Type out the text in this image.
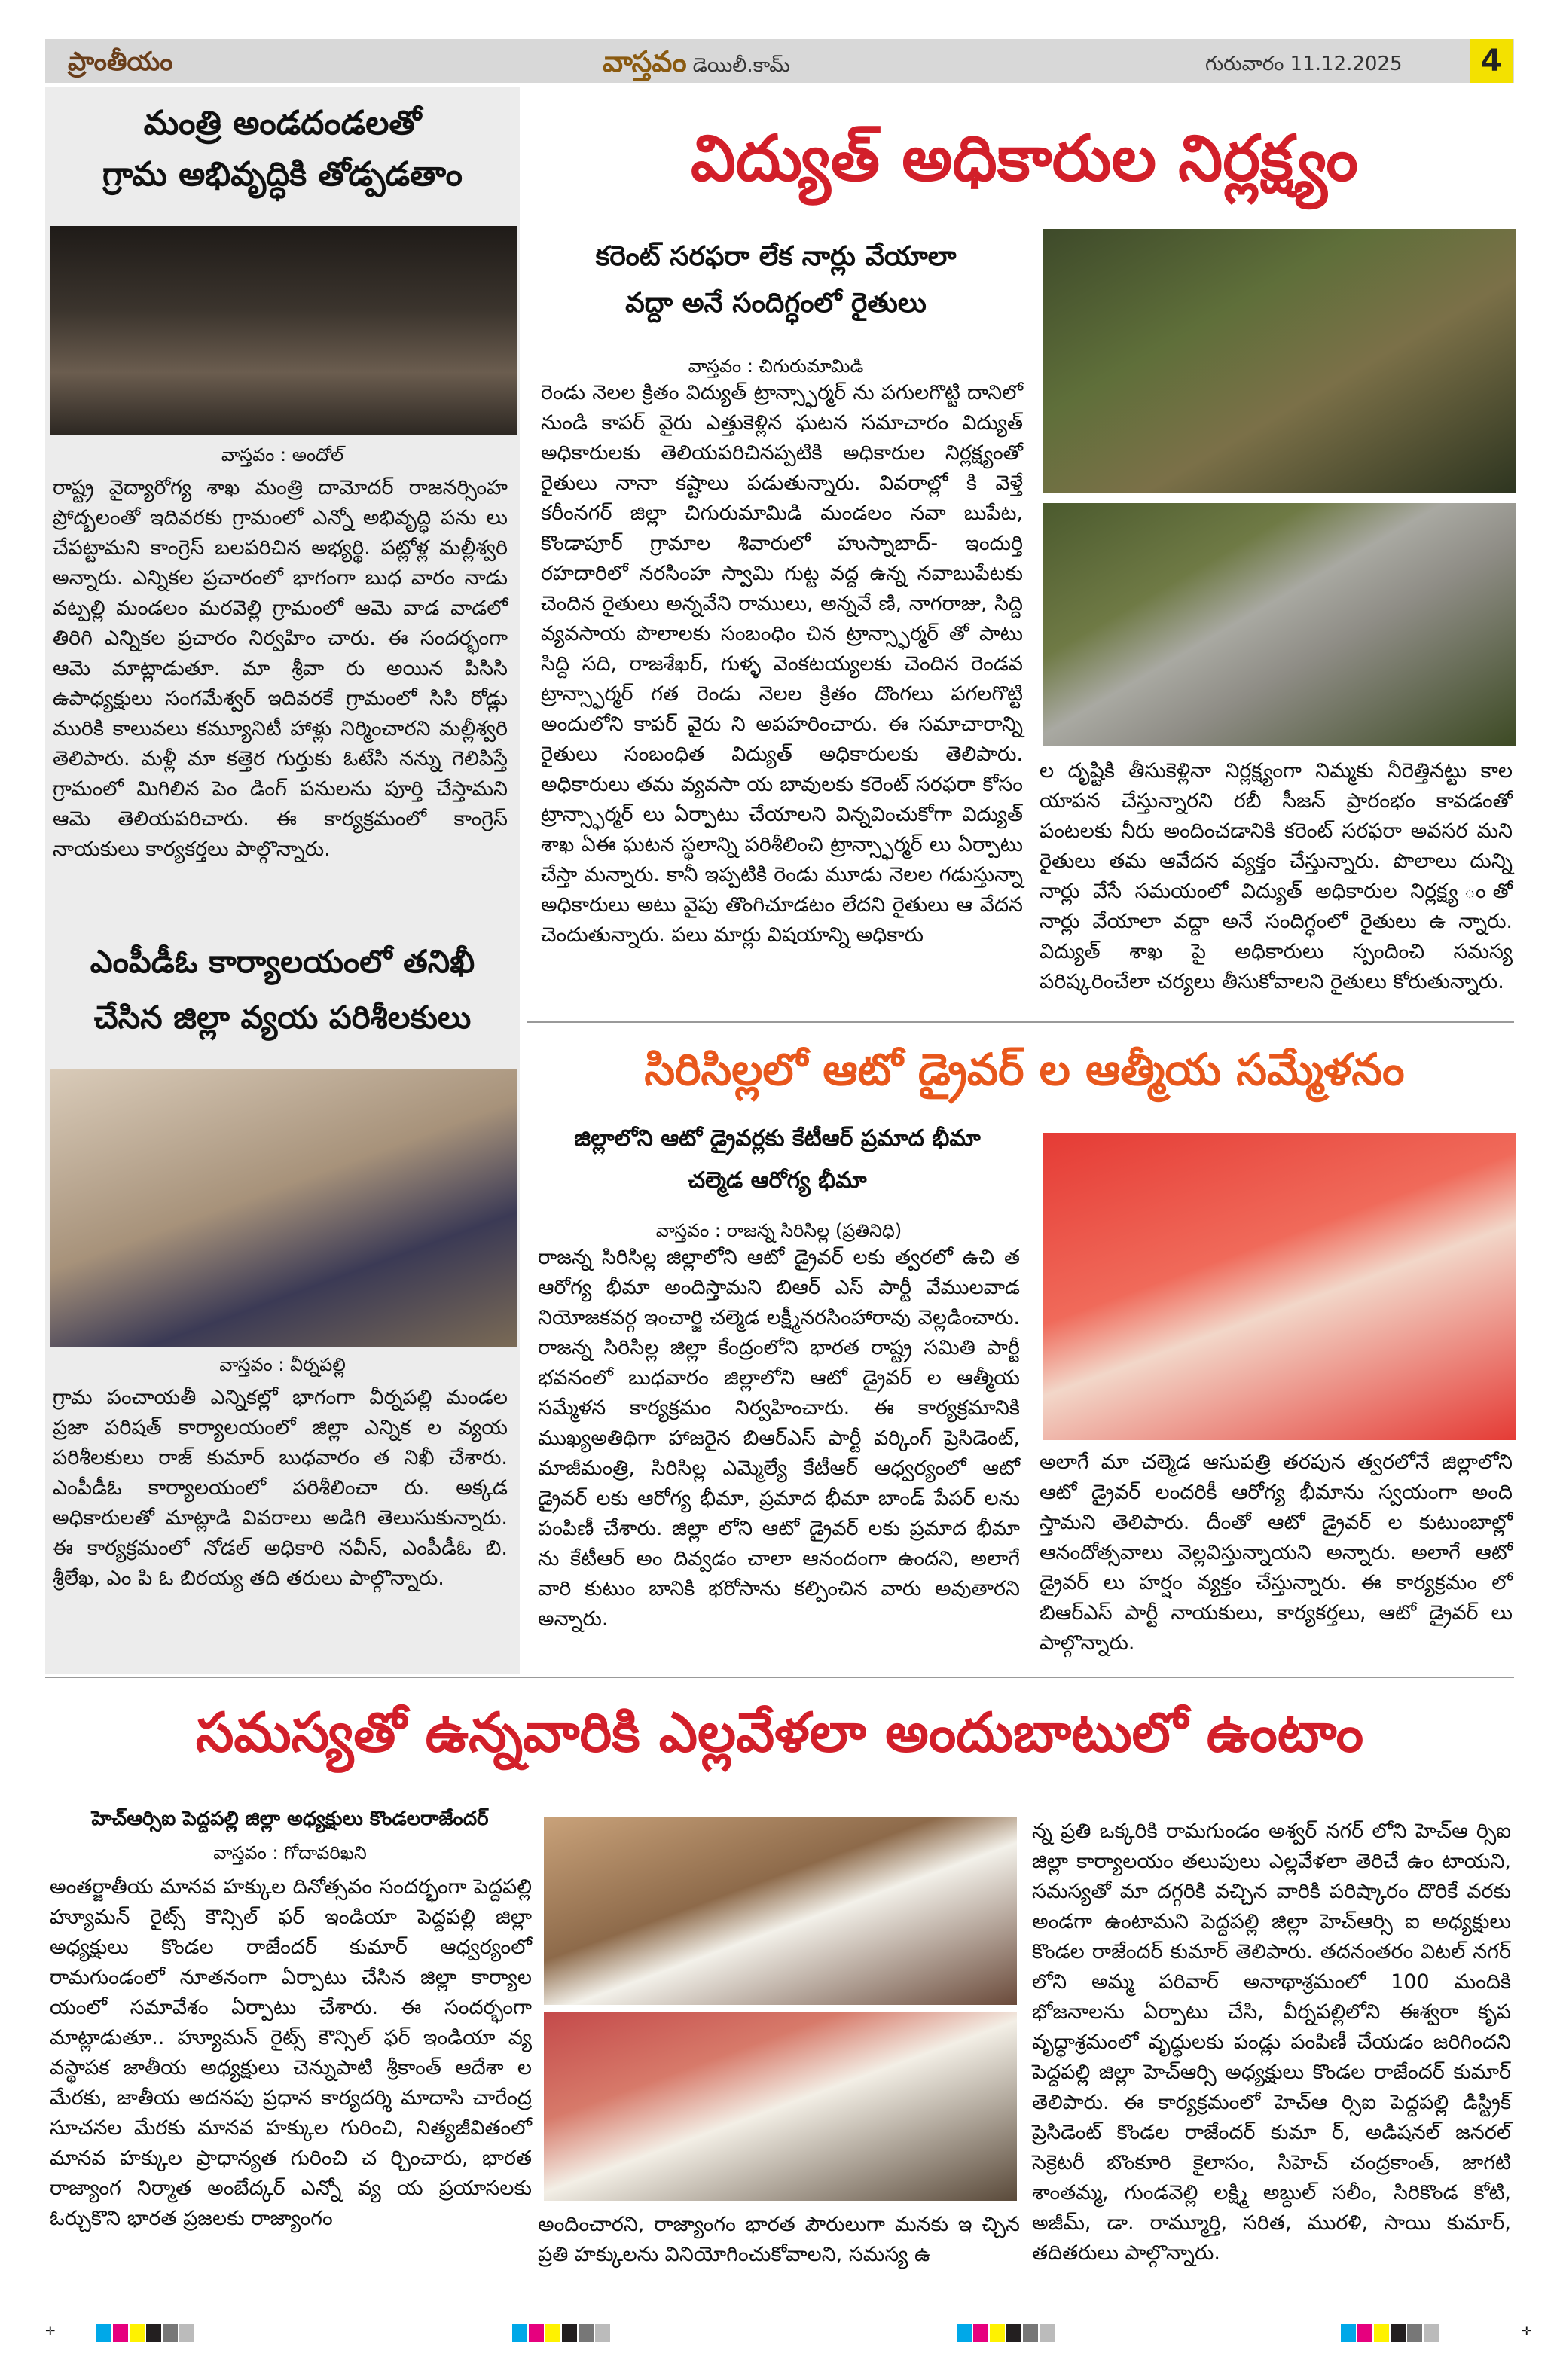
ప్రాంతీయం	వాస్తవం డెయిలీ.కామ్	గురువారం 11.12.2025	4
మంత్రి అండదండలతో
గ్రామ అభివృద్ధికి తోడ్పడతాం
వాస్తవం : అందోల్
రాష్ట్ర వైద్యారోగ్య శాఖ మంత్రి దామోదర్ రాజనర్సింహ ప్రోద్బలంతో ఇదివరకు గ్రామంలో ఎన్నో అభివృద్ధి పను లు చేపట్టామని కాంగ్రెస్ బలపరిచిన అభ్యర్థి. పట్లోళ్ల మల్లీశ్వరి అన్నారు. ఎన్నికల ప్రచారంలో భాగంగా బుధ వారం నాడు వట్పల్లి మండలం మరవెల్లి గ్రామంలో ఆమె వాడ వాడలో తిరిగి ఎన్నికల ప్రచారం నిర్వహిం చారు. ఈ సందర్భంగా ఆమె మాట్లాడుతూ. మా శ్రీవా రు అయిన పిసిసి ఉపాధ్యక్షులు సంగమేశ్వర్ ఇదివరకే గ్రామంలో సిసి రోడ్లు మురికి కాలువలు కమ్యూనిటీ హాళ్లు నిర్మించారని మల్లీశ్వరి తెలిపారు. మళ్లీ మా కత్తెర గుర్తుకు ఓటేసి నన్ను గెలిపిస్తే గ్రామంలో మిగిలిన పెం డింగ్ పనులను పూర్తి చేస్తామని ఆమె తెలియపరిచారు. ఈ కార్యక్రమంలో కాంగ్రెస్ నాయకులు కార్యకర్తలు పాల్గొన్నారు.
ఎంపీడీఓ కార్యాలయంలో తనిఖీ
చేసిన జిల్లా వ్యయ పరిశీలకులు
వాస్తవం : వీర్నపల్లి
గ్రామ పంచాయతీ ఎన్నికల్లో భాగంగా వీర్నపల్లి మండల ప్రజా పరిషత్ కార్యాలయంలో జిల్లా ఎన్నిక ల వ్యయ పరిశీలకులు రాజ్ కుమార్ బుధవారం త నిఖీ చేశారు. ఎంపీడీఓ కార్యాలయంలో పరిశీలించా రు. అక్కడ అధికారులతో మాట్లాడి వివరాలు అడిగి తెలుసుకున్నారు. ఈ కార్యక్రమంలో నోడల్ అధికారి నవీన్, ఎంపీడీఓ బి. శ్రీలేఖ, ఎం పి ఓ బిరయ్య తది తరులు పాల్గొన్నారు.
విద్యుత్ అధికారుల నిర్లక్ష్యం
కరెంట్ సరఫరా లేక నార్లు వేయాలా
వద్దా అనే సందిగ్ధంలో రైతులు
వాస్తవం : చిగురుమామిడి
రెండు నెలల క్రితం విద్యుత్ ట్రాన్స్ఫార్మర్ ను పగులగొట్టి దానిలో నుండి కాపర్ వైరు ఎత్తుకెళ్లిన ఘటన సమాచారం విద్యుత్ అధికారులకు తెలియపరిచినప్పటికి అధికారుల నిర్లక్ష్యంతో రైతులు నానా కష్టాలు పడుతున్నారు. వివరాల్లో కి వెళ్తే కరీంనగర్ జిల్లా చిగురుమామిడి మండలం నవా బుపేట, కొండాపూర్ గ్రామాల శివారులో హుస్నాబాద్- ఇందుర్తి రహదారిలో నరసింహ స్వామి గుట్ట వద్ద ఉన్న నవాబుపేటకు చెందిన రైతులు అన్నవేని రాములు, అన్నవే ణి, నాగరాజు, సిద్ది వ్యవసాయ పొలాలకు సంబంధిం చిన ట్రాన్స్ఫార్మర్ తో పాటు సిద్ది సది, రాజశేఖర్, గుళ్ళ వెంకటయ్యలకు చెందిన రెండవ ట్రాన్స్ఫార్మర్ గత రెండు నెలల క్రితం దొంగలు పగలగొట్టి అందులోని కాపర్ వైరు ని అపహరించారు. ఈ సమాచారాన్ని రైతులు సంబంధిత విద్యుత్ అధికారులకు తెలిపారు. అధికారులు తమ వ్యవసా య బావులకు కరెంట్ సరఫరా కోసం ట్రాన్స్ఫార్మర్ లు ఏర్పాటు చేయాలని విన్నవించుకోగా విద్యుత్ శాఖ ఏఈ ఘటన స్థలాన్ని పరిశీలించి ట్రాన్స్ఫార్మర్ లు ఏర్పాటు చేస్తా మన్నారు. కానీ ఇప్పటికి రెండు మూడు నెలల గడుస్తున్నా అధికారులు అటు వైపు తొంగిచూడటం లేదని రైతులు ఆ వేదన చెందుతున్నారు. పలు మార్లు విషయాన్ని అధికారు
ల దృష్టికి తీసుకెళ్లినా నిర్లక్ష్యంగా నిమ్మకు నీరెత్తినట్టు కాల యాపన చేస్తున్నారని రబీ సీజన్ ప్రారంభం కావడంతో పంటలకు నీరు అందించడానికి కరెంట్ సరఫరా అవసర మని రైతులు తమ ఆవేదన వ్యక్తం చేస్తున్నారు. పొలాలు దున్ని నార్లు వేసే సమయంలో విద్యుత్ అధికారుల నిర్లక్ష్య ంతో నార్లు వేయాలా వద్దా అనే సందిగ్ధంలో రైతులు ఉ న్నారు. విద్యుత్ శాఖ పై అధికారులు స్పందించి సమస్య పరిష్కరించేలా చర్యలు తీసుకోవాలని రైతులు కోరుతున్నారు.
సిరిసిల్లలో ఆటో డ్రైవర్ ల ఆత్మీయ సమ్మేళనం
జిల్లాలోని ఆటో డ్రైవర్లకు కేటీఆర్ ప్రమాద భీమా
చల్మెడ ఆరోగ్య భీమా
వాస్తవం : రాజన్న సిరిసిల్ల (ప్రతినిధి)
రాజన్న సిరిసిల్ల జిల్లాలోని ఆటో డ్రైవర్ లకు త్వరలో ఉచి త ఆరోగ్య భీమా అందిస్తామని బిఆర్ ఎస్ పార్టీ వేములవాడ నియోజకవర్గ ఇంచార్జి చల్మెడ లక్ష్మీనరసింహారావు వెల్లడించారు. రాజన్న సిరిసిల్ల జిల్లా కేంద్రంలోని భారత రాష్ట్ర సమితి పార్టీ భవనంలో బుధవారం జిల్లాలోని ఆటో డ్రైవర్ ల ఆత్మీయ సమ్మేళన కార్యక్రమం నిర్వహించారు. ఈ కార్యక్రమానికి ముఖ్యఅతిథిగా హాజరైన బిఆర్ఎస్ పార్టీ వర్కింగ్ ప్రెసిడెంట్, మాజీమంత్రి, సిరిసిల్ల ఎమ్మెల్యే కేటీఆర్ ఆధ్వర్యంలో ఆటో డ్రైవర్ లకు ఆరోగ్య భీమా, ప్రమాద భీమా బాండ్ పేపర్ లను పంపిణీ చేశారు. జిల్లా లోని ఆటో డ్రైవర్ లకు ప్రమాద భీమా ను కేటీఆర్ అం దివ్వడం చాలా ఆనందంగా ఉందని, అలాగే వారి కుటుం బానికి భరోసాను కల్పించిన వారు అవుతారని అన్నారు.
అలాగే మా చల్మెడ ఆసుపత్రి తరపున త్వరలోనే జిల్లాలోని ఆటో డ్రైవర్ లందరికీ ఆరోగ్య భీమాను స్వయంగా అంది స్తామని తెలిపారు. దీంతో ఆటో డ్రైవర్ ల కుటుంబాల్లో ఆనందోత్సవాలు వెల్లవిస్తున్నాయని అన్నారు. అలాగే ఆటో డ్రైవర్ లు హర్షం వ్యక్తం చేస్తున్నారు. ఈ కార్యక్రమం లో బిఆర్ఎస్ పార్టీ నాయకులు, కార్యకర్తలు, ఆటో డ్రైవర్ లు పాల్గొన్నారు.
సమస్యతో ఉన్నవారికి ఎల్లవేళలా అందుబాటులో ఉంటాం
హెచ్ఆర్సిఐ పెద్దపల్లి జిల్లా అధ్యక్షులు కొండలరాజేందర్
వాస్తవం : గోదావరిఖని
అంతర్జాతీయ మానవ హక్కుల దినోత్సవం సందర్భంగా పెద్దపల్లి హ్యూమన్ రైట్స్ కౌన్సిల్ ఫర్ ఇండియా పెద్దపల్లి జిల్లా అధ్యక్షులు కొండల రాజేందర్ కుమార్ ఆధ్వర్యంలో రామగుండంలో నూతనంగా ఏర్పాటు చేసిన జిల్లా కార్యాల యంలో సమావేశం ఏర్పాటు చేశారు. ఈ సందర్భంగా మాట్లాడుతూ.. హ్యూమన్ రైట్స్ కౌన్సిల్ ఫర్ ఇండియా వ్య వస్థాపక జాతీయ అధ్యక్షులు చెన్నుపాటి శ్రీకాంత్ ఆదేశా ల మేరకు, జాతీయ అదనపు ప్రధాన కార్యదర్శి మాదాసి చారేంద్ర సూచనల మేరకు మానవ హక్కుల గురించి, నిత్యజీవితంలో మానవ హక్కుల ప్రాధాన్యత గురించి చ ర్చించారు, భారత రాజ్యాంగ నిర్మాత అంబేద్కర్ ఎన్నో వ్య య ప్రయాసలకు ఓర్చుకొని భారత ప్రజలకు రాజ్యాంగం	అందించారని, రాజ్యాంగం భారత పౌరులుగా మనకు ఇ చ్చిన ప్రతి హక్కులను వినియోగించుకోవాలని, సమస్య ఉ
న్న ప్రతి ఒక్కరికి రామగుండం అశ్వర్ నగర్ లోని హెచ్ఆ ర్సిఐ జిల్లా కార్యాలయం తలుపులు ఎల్లవేళలా తెరిచే ఉం టాయని, సమస్యతో మా దగ్గరికి వచ్చిన వారికి పరిష్కారం దొరికే వరకు అండగా ఉంటామని పెద్దపల్లి జిల్లా హెచ్ఆర్సి ఐ అధ్యక్షులు కొండల రాజేందర్ కుమార్ తెలిపారు. తదనంతరం విటల్ నగర్ లోని అమ్మ పరివార్ అనాథాశ్రమంలో 100 మందికి భోజనాలను ఏర్పాటు చేసి, వీర్నపల్లిలోని ఈశ్వరా కృప వృద్ధాశ్రమంలో వృద్ధులకు పండ్లు పంపిణీ చేయడం జరిగిందని పెద్దపల్లి జిల్లా హెచ్ఆర్సి అధ్యక్షులు కొండల రాజేందర్ కుమార్ తెలిపారు. ఈ కార్యక్రమంలో హెచ్ఆ ర్సిఐ పెద్దపల్లి డిస్ట్రిక్ ప్రెసిడెంట్ కొండల రాజేందర్ కుమా ర్, అడిషనల్ జనరల్ సెక్రెటరీ బొంకూరి కైలాసం, సిహెచ్ చంద్రకాంత్, జాగటి శాంతమ్మ, గుండవెల్లి లక్ష్మి అబ్దుల్ సలీం, సిరికొండ కోటి, అజీమ్, డా. రామ్మూర్తి, సరిత, మురళి, సాయి కుమార్, తదితరులు పాల్గొన్నారు.
✛	✛
